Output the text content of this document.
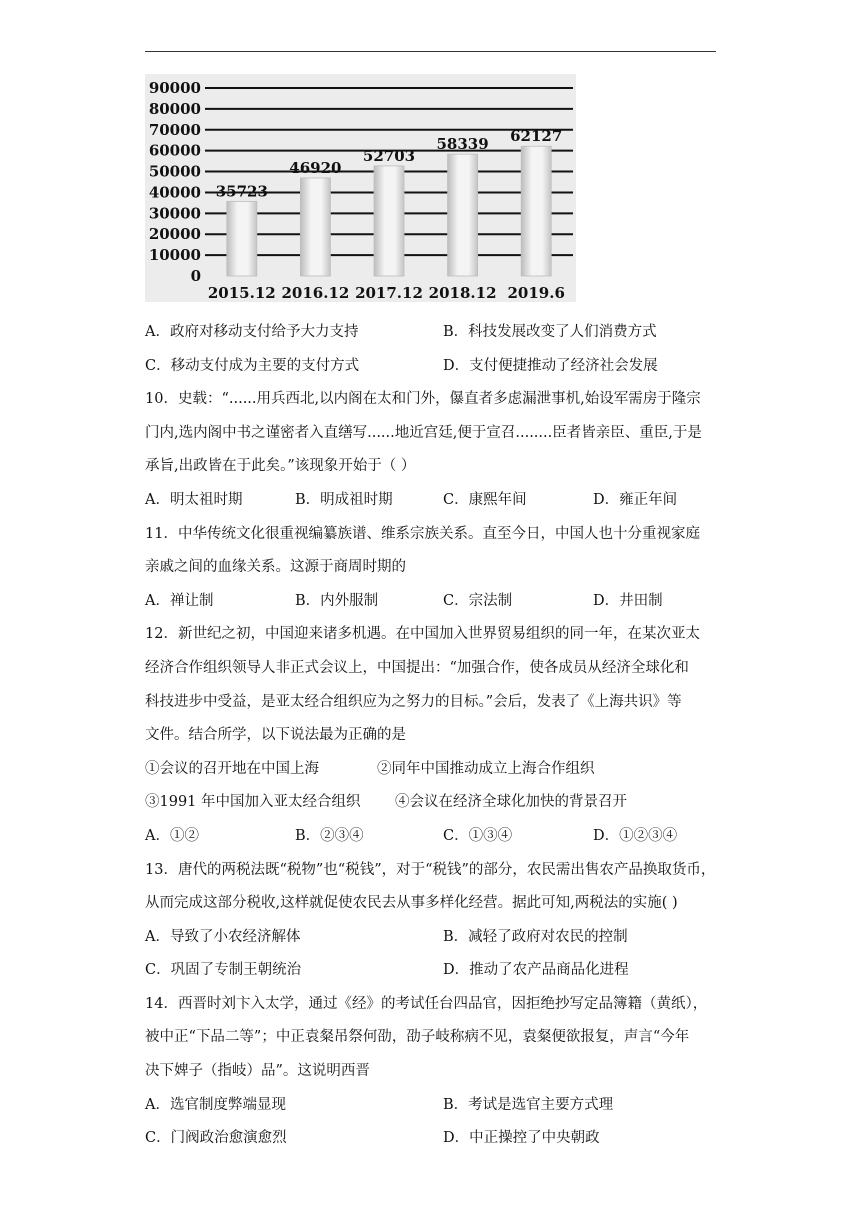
90000
80000
70000
60000
50000
40000
30000
20000
10000
0
35723
2015.12
46920
2016.12
52703
2017.12
58339
2018.12
62127
2019.6
A．政府对移动支付给予大力支持	B．科技发展改变了人们消费方式
C．移动支付成为主要的支付方式	D．支付便捷推动了经济社会发展
10．史载：“......用兵西北,以内阁在太和门外，儤直者多虑漏泄事机,始设军需房于隆宗
门内,选内阁中书之谨密者入直缮写......地近宫廷,便于宣召........臣者皆亲臣、重臣,于是
承旨,出政皆在于此矣。”该现象开始于（ ）
A．明太祖时期	B．明成祖时期	C．康熙年间	D．雍正年间
11．中华传统文化很重视编纂族谱、维系宗族关系。直至今日，中国人也十分重视家庭
亲戚之间的血缘关系。这源于商周时期的
A．禅让制	B．内外服制	C．宗法制	D．井田制
12．新世纪之初，中国迎来诸多机遇。在中国加入世界贸易组织的同一年，在某次亚太
经济合作组织领导人非正式会议上，中国提出：“加强合作，使各成员从经济全球化和
科技进步中受益，是亚太经合组织应为之努力的目标。”会后，发表了《上海共识》等
文件。结合所学，以下说法最为正确的是
①会议的召开地在中国上海	②同年中国推动成立上海合作组织
③1991 年中国加入亚太经合组织 ④会议在经济全球化加快的背景召开
A．①②	B．②③④	C．①③④	D．①②③④
13．唐代的两税法既“税物”也“税钱”，对于“税钱”的部分，农民需出售农产品换取货币，
从而完成这部分税收,这样就促使农民去从事多样化经营。据此可知,两税法的实施( )
A．导致了小农经济解体	B．减轻了政府对农民的控制
C．巩固了专制王朝统治	D．推动了农产品商品化进程
14．西晋时刘卞入太学，通过《经》的考试任台四品官，因拒绝抄写定品簿籍（黄纸），
被中正“下品二等”；中正袁粲吊祭何劭，劭子岐称病不见，袁粲便欲报复，声言“今年
决下婢子（指岐）品”。这说明西晋
A．选官制度弊端显现	B．考试是选官主要方式理
C．门阀政治愈演愈烈	D．中正操控了中央朝政
